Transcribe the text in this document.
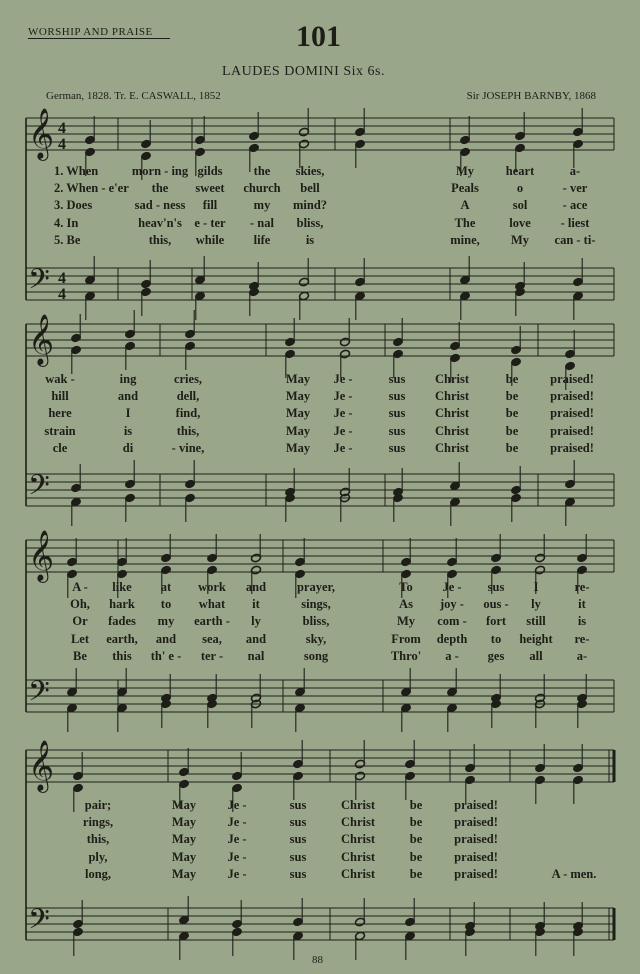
WORSHIP AND PRAISE	101
LAUDES DOMINI Six 6s.
German, 1828. Tr. E. CASWALL, 1852	Sir JOSEPH BARNBY, 1868
𝄞
𝄢
4
4
4
4
𝄞
𝄢
𝄞
𝄢
𝄞
𝄢
1. When	morn - ing gilds the skies,	My	heart	a-
2. When - e'er the sweet church bell	Peals	o	- ver
3. Does	sad - ness fill	my mind?	A	sol	- ace
4. In	heav'n's e - ter - nal bliss,	The	love - liest
5. Be	this, while life	is	mine, My can - ti-
wak -	ing	cries,	May Je -	sus Christ	be	praised!
hill	and	dell,	May Je -	sus Christ	be	praised!
here	I	find,	May Je -	sus Christ	be	praised!
strain	is	this,	May Je -	sus Christ	be	praised!
cle	di	- vine,	May Je -	sus Christ	be	praised!
A - like at work and prayer,	To Je - sus I	re-
Oh, hark to what it	sings,	As joy - ous - ly	it
Or fades my earth - ly	bliss,	My com - fort still	is
Let earth, and sea, and	sky,	From depth to height re-
Be this th' e - ter - nal	song	Thro' a - ges all	a-
pair;	May	Je -	sus	Christ	be	praised!
rings,	May	Je -	sus	Christ	be	praised!
this,	May	Je -	sus	Christ	be	praised!
ply,	May	Je -	sus	Christ	be	praised!
long,	May	Je -	sus	Christ	be	praised!	A - men.
88
